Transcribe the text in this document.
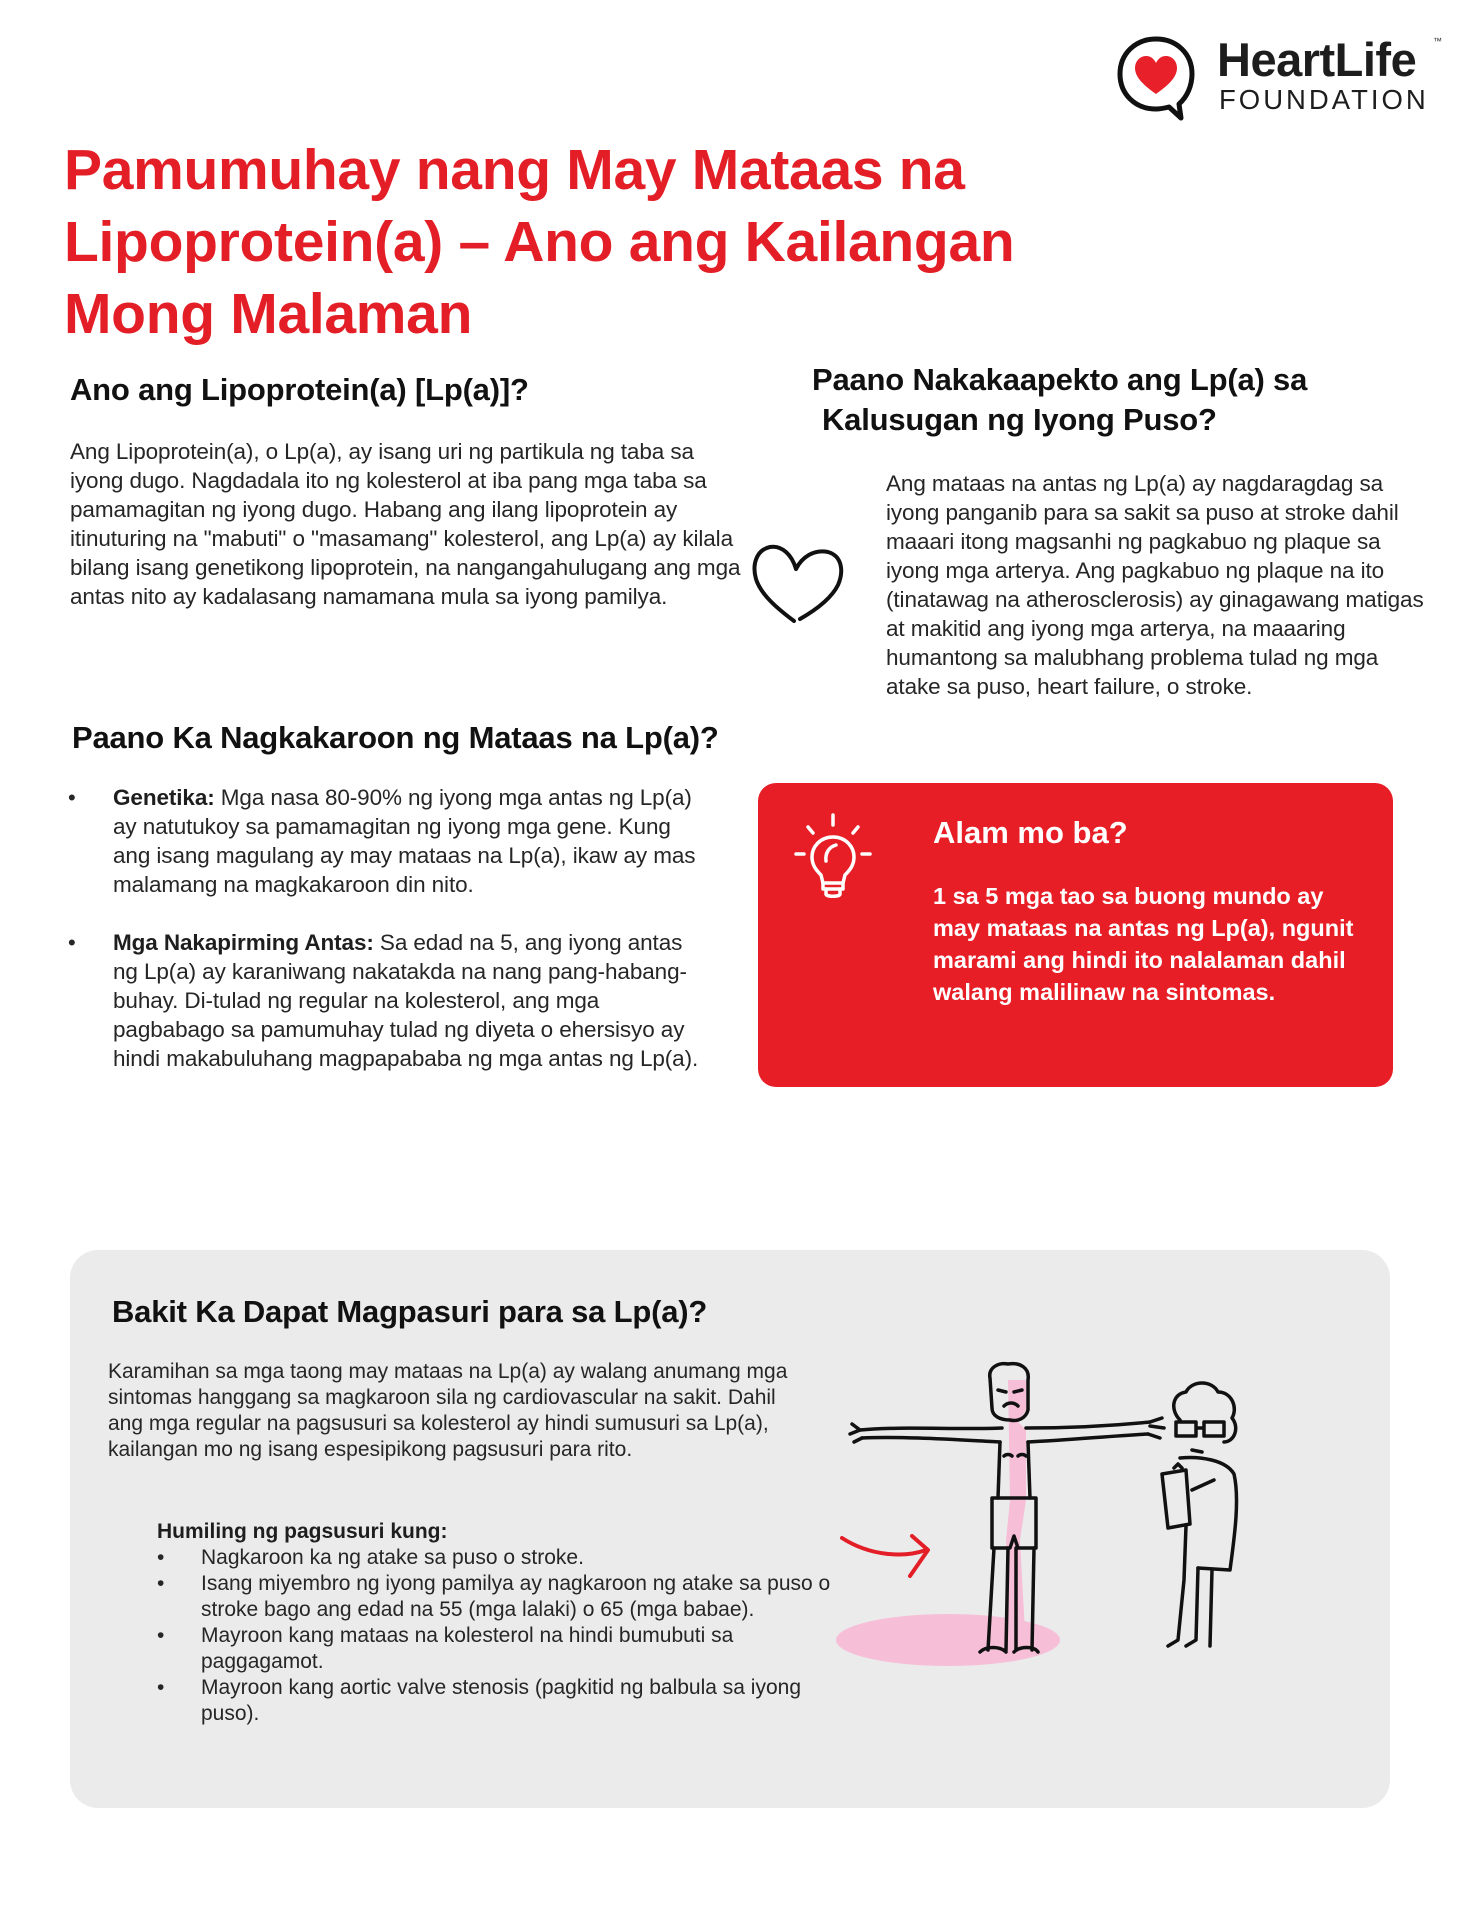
HeartLife ™
FOUNDATION
Pamumuhay nang May Mataas na
Lipoprotein(a) – Ano ang Kailangan
Mong Malaman
Ano ang Lipoprotein(a) [Lp(a)]?

Ang Lipoprotein(a), o Lp(a), ay isang uri ng partikula ng taba sa iyong dugo. Nagdadala ito ng kolesterol at iba pang mga taba sa pamamagitan ng iyong dugo. Habang ang ilang lipoprotein ay itinuturing na "mabuti" o "masamang" kolesterol, ang Lp(a) ay kilala bilang isang genetikong lipoprotein, na nangangahulugang ang mga antas nito ay kadalasang namamana mula sa iyong pamilya.

Paano Nakakaapekto ang Lp(a) sa
Kalusugan ng Iyong Puso?

Ang mataas na antas ng Lp(a) ay nagdaragdag sa iyong panganib para sa sakit sa puso at stroke dahil maaari itong magsanhi ng pagkabuo ng plaque sa iyong mga arterya. Ang pagkabuo ng plaque na ito (tinatawag na atherosclerosis) ay ginagawang matigas at makitid ang iyong mga arterya, na maaaring humantong sa malubhang problema tulad ng mga atake sa puso, heart failure, o stroke.

Paano Ka Nagkakaroon ng Mataas na Lp(a)?
•	Genetika: Mga nasa 80-90% ng iyong mga antas ng Lp(a) ay natutukoy sa pamamagitan ng iyong mga gene. Kung ang isang magulang ay may mataas na Lp(a), ikaw ay mas malamang na magkakaroon din nito.
•	Mga Nakapirming Antas: Sa edad na 5, ang iyong antas ng Lp(a) ay karaniwang nakatakda na nang pang-habang-buhay. Di-tulad ng regular na kolesterol, ang mga pagbabago sa pamumuhay tulad ng diyeta o ehersisyo ay hindi makabuluhang magpapababa ng mga antas ng Lp(a).
Alam mo ba?
1 sa 5 mga tao sa buong mundo ay may mataas na antas ng Lp(a), ngunit marami ang hindi ito nalalaman dahil walang malilinaw na sintomas.
Bakit Ka Dapat Magpasuri para sa Lp(a)?

Karamihan sa mga taong may mataas na Lp(a) ay walang anumang mga sintomas hanggang sa magkaroon sila ng cardiovascular na sakit. Dahil ang mga regular na pagsusuri sa kolesterol ay hindi sumusuri sa Lp(a), kailangan mo ng isang espesipikong pagsusuri para rito.

Humiling ng pagsusuri kung:
• Nagkaroon ka ng atake sa puso o stroke.
• Isang miyembro ng iyong pamilya ay nagkaroon ng atake sa puso o stroke bago ang edad na 55 (mga lalaki) o 65 (mga babae).
• Mayroon kang mataas na kolesterol na hindi bumubuti sa paggagamot.
• Mayroon kang aortic valve stenosis (pagkitid ng balbula sa iyong puso).
